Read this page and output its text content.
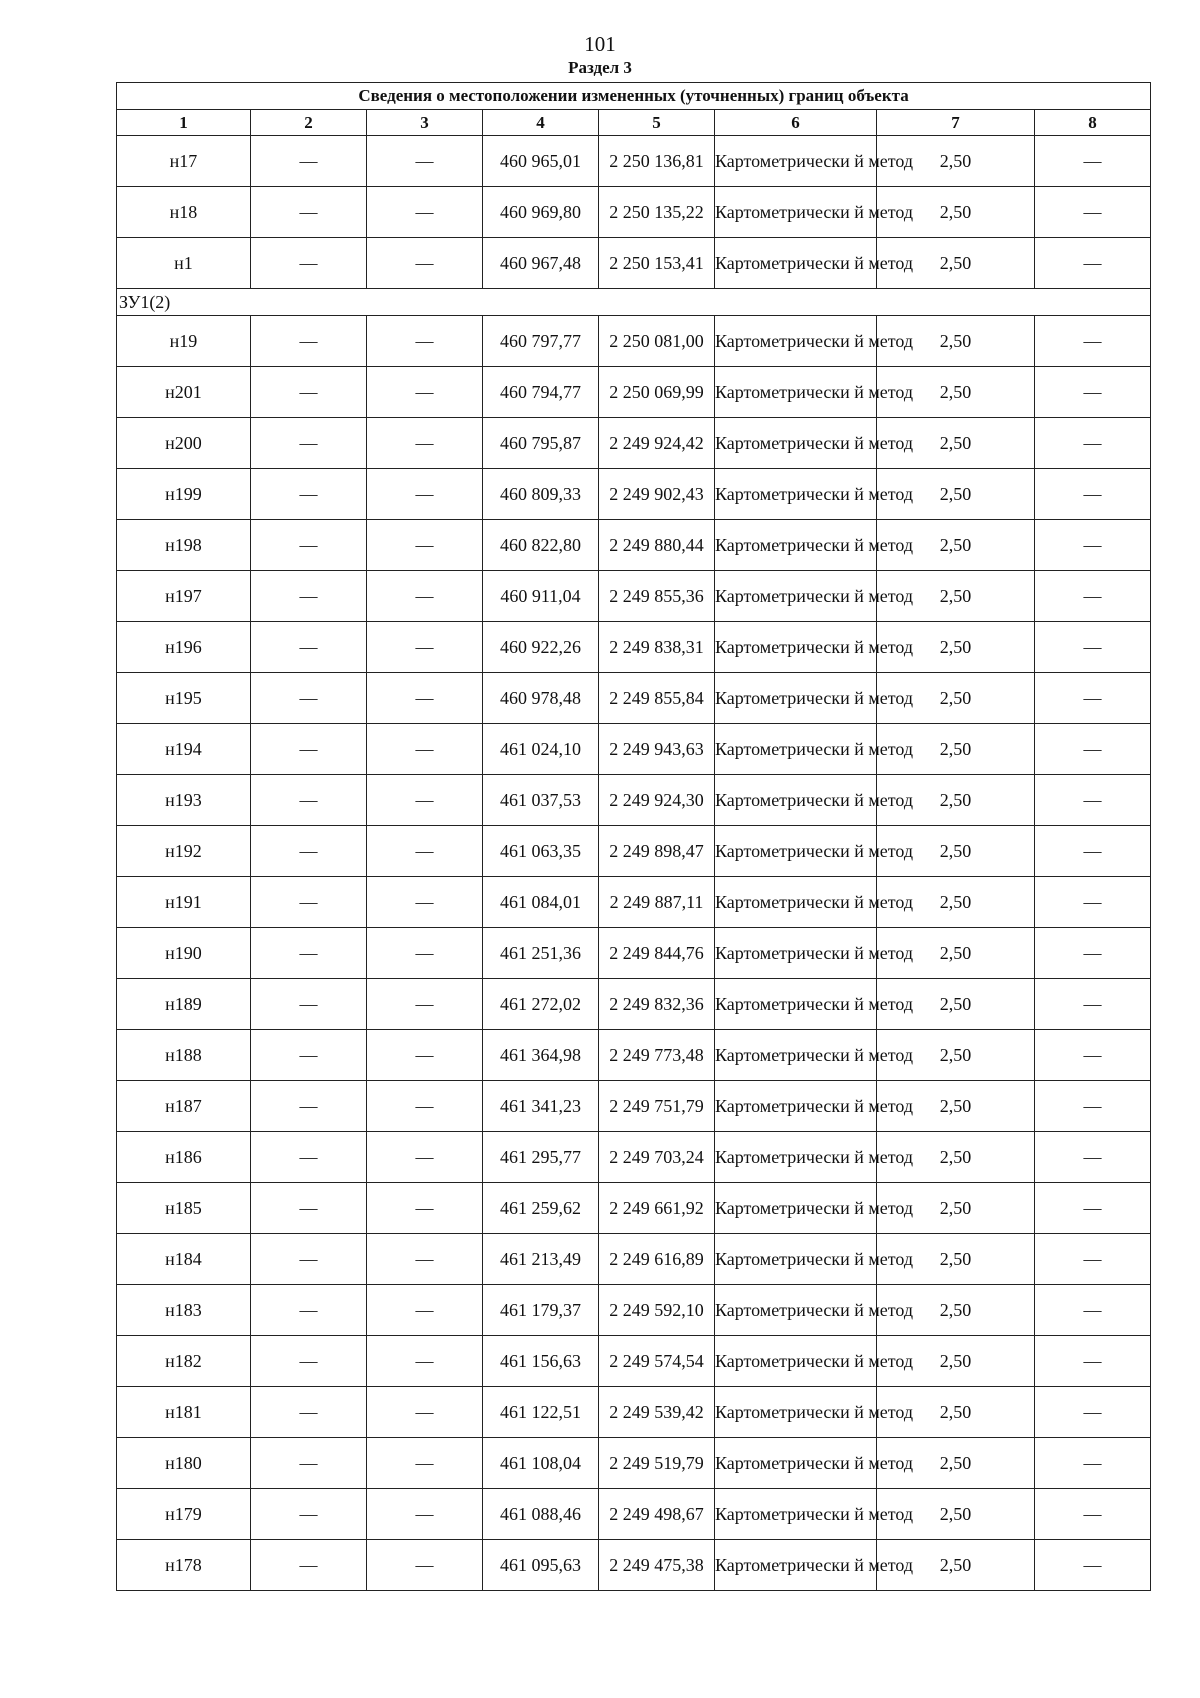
101
Раздел 3
Сведения о местоположении измененных (уточненных) границ объекта							
1	2	3	4	5	6	7	8
н17	—	—	460 965,01	2 250 136,81	Картометрически й метод	2,50	—
н18	—	—	460 969,80	2 250 135,22	Картометрически й метод	2,50	—
н1	—	—	460 967,48	2 250 153,41	Картометрически й метод	2,50	—
ЗУ1(2)							
н19	—	—	460 797,77	2 250 081,00	Картометрически й метод	2,50	—
н201	—	—	460 794,77	2 250 069,99	Картометрически й метод	2,50	—
н200	—	—	460 795,87	2 249 924,42	Картометрически й метод	2,50	—
н199	—	—	460 809,33	2 249 902,43	Картометрически й метод	2,50	—
н198	—	—	460 822,80	2 249 880,44	Картометрически й метод	2,50	—
н197	—	—	460 911,04	2 249 855,36	Картометрически й метод	2,50	—
н196	—	—	460 922,26	2 249 838,31	Картометрически й метод	2,50	—
н195	—	—	460 978,48	2 249 855,84	Картометрически й метод	2,50	—
н194	—	—	461 024,10	2 249 943,63	Картометрически й метод	2,50	—
н193	—	—	461 037,53	2 249 924,30	Картометрически й метод	2,50	—
н192	—	—	461 063,35	2 249 898,47	Картометрически й метод	2,50	—
н191	—	—	461 084,01	2 249 887,11	Картометрически й метод	2,50	—
н190	—	—	461 251,36	2 249 844,76	Картометрически й метод	2,50	—
н189	—	—	461 272,02	2 249 832,36	Картометрически й метод	2,50	—
н188	—	—	461 364,98	2 249 773,48	Картометрически й метод	2,50	—
н187	—	—	461 341,23	2 249 751,79	Картометрически й метод	2,50	—
н186	—	—	461 295,77	2 249 703,24	Картометрически й метод	2,50	—
н185	—	—	461 259,62	2 249 661,92	Картометрически й метод	2,50	—
н184	—	—	461 213,49	2 249 616,89	Картометрически й метод	2,50	—
н183	—	—	461 179,37	2 249 592,10	Картометрически й метод	2,50	—
н182	—	—	461 156,63	2 249 574,54	Картометрически й метод	2,50	—
н181	—	—	461 122,51	2 249 539,42	Картометрически й метод	2,50	—
н180	—	—	461 108,04	2 249 519,79	Картометрически й метод	2,50	—
н179	—	—	461 088,46	2 249 498,67	Картометрически й метод	2,50	—
н178	—	—	461 095,63	2 249 475,38	Картометрически й метод	2,50	—
